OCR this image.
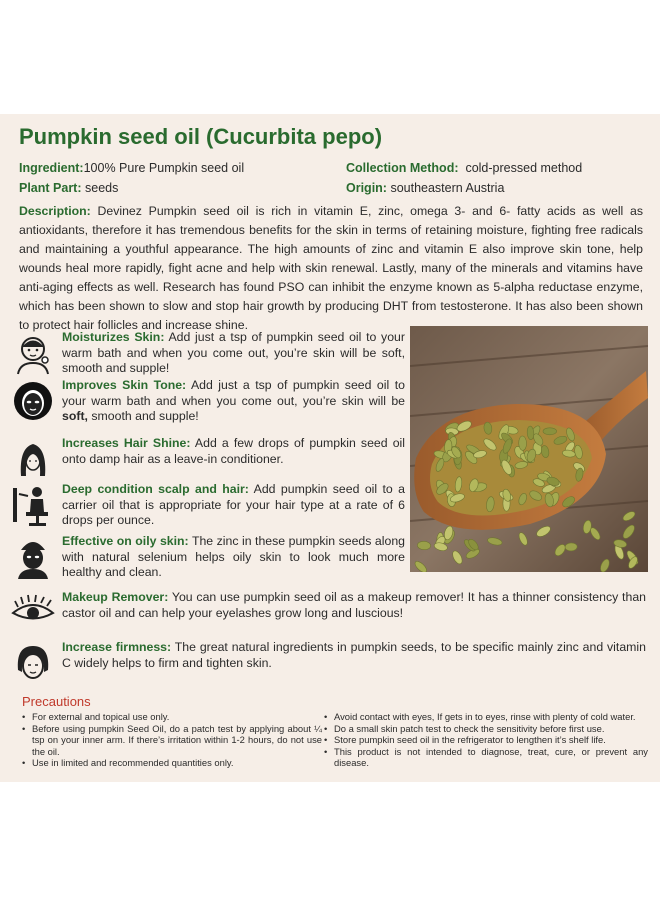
Pumpkin seed oil (Cucurbita pepo)
Ingredient:100% Pure Pumpkin seed oil	Collection Method: cold-pressed method
Plant Part: seeds	Origin: southeastern Austria

Description: Devinez Pumpkin seed oil is rich in vitamin E, zinc, omega 3- and 6- fatty acids as well as antioxidants, therefore it has tremendous benefits for the skin in terms of retaining moisture, fighting free radicals and maintaining a youthful appearance. The high amounts of zinc and vitamin E also improve skin tone, help wounds heal more rapidly, fight acne and help with skin renewal. Lastly, many of the minerals and vitamins have anti-aging effects as well. Research has found PSO can inhibit the enzyme known as 5-alpha reductase enzyme, which has been shown to slow and stop hair growth by producing DHT from testosterone. It has also been shown to protect hair follicles and increase shine.

Moisturizes Skin: Add just a tsp of pumpkin seed oil to your warm bath and when you come out, you’re skin will be soft, smooth and supple!
Improves Skin Tone: Add just a tsp of pumpkin seed oil to your warm bath and when you come out, you’re skin will be soft, smooth and supple!
Increases Hair Shine: Add a few drops of pumpkin seed oil onto damp hair as a leave-in conditioner.
Deep condition scalp and hair: Add pumpkin seed oil to a carrier oil that is appropriate for your hair type at a rate of 6 drops per ounce.
Effective on oily skin: The zinc in these pumpkin seeds along with natural selenium helps oily skin to look much more healthy and clean.
Makeup Remover: You can use pumpkin seed oil as a makeup remover! It has a thinner consistency than castor oil and can help your eyelashes grow long and luscious!
Increase firmness: The great natural ingredients in pumpkin seeds, to be specific mainly zinc and vitamin C widely helps to firm and tighten skin.

Precautions

• For external and topical use only.
• Before using pumpkin Seed Oil, do a patch test by applying about ¼ tsp on your inner arm. If there’s irritation within 1-2 hours, do not use the oil.
• Use in limited and recommended quantities only.
• Avoid contact with eyes, If gets in to eyes, rinse with plenty of cold water.
• Do a small skin patch test to check the sensitivity before first use.
• Store pumpkin seed oil in the refrigerator to lengthen it’s shelf life.
• This product is not intended to diagnose, treat, cure, or prevent any disease.
